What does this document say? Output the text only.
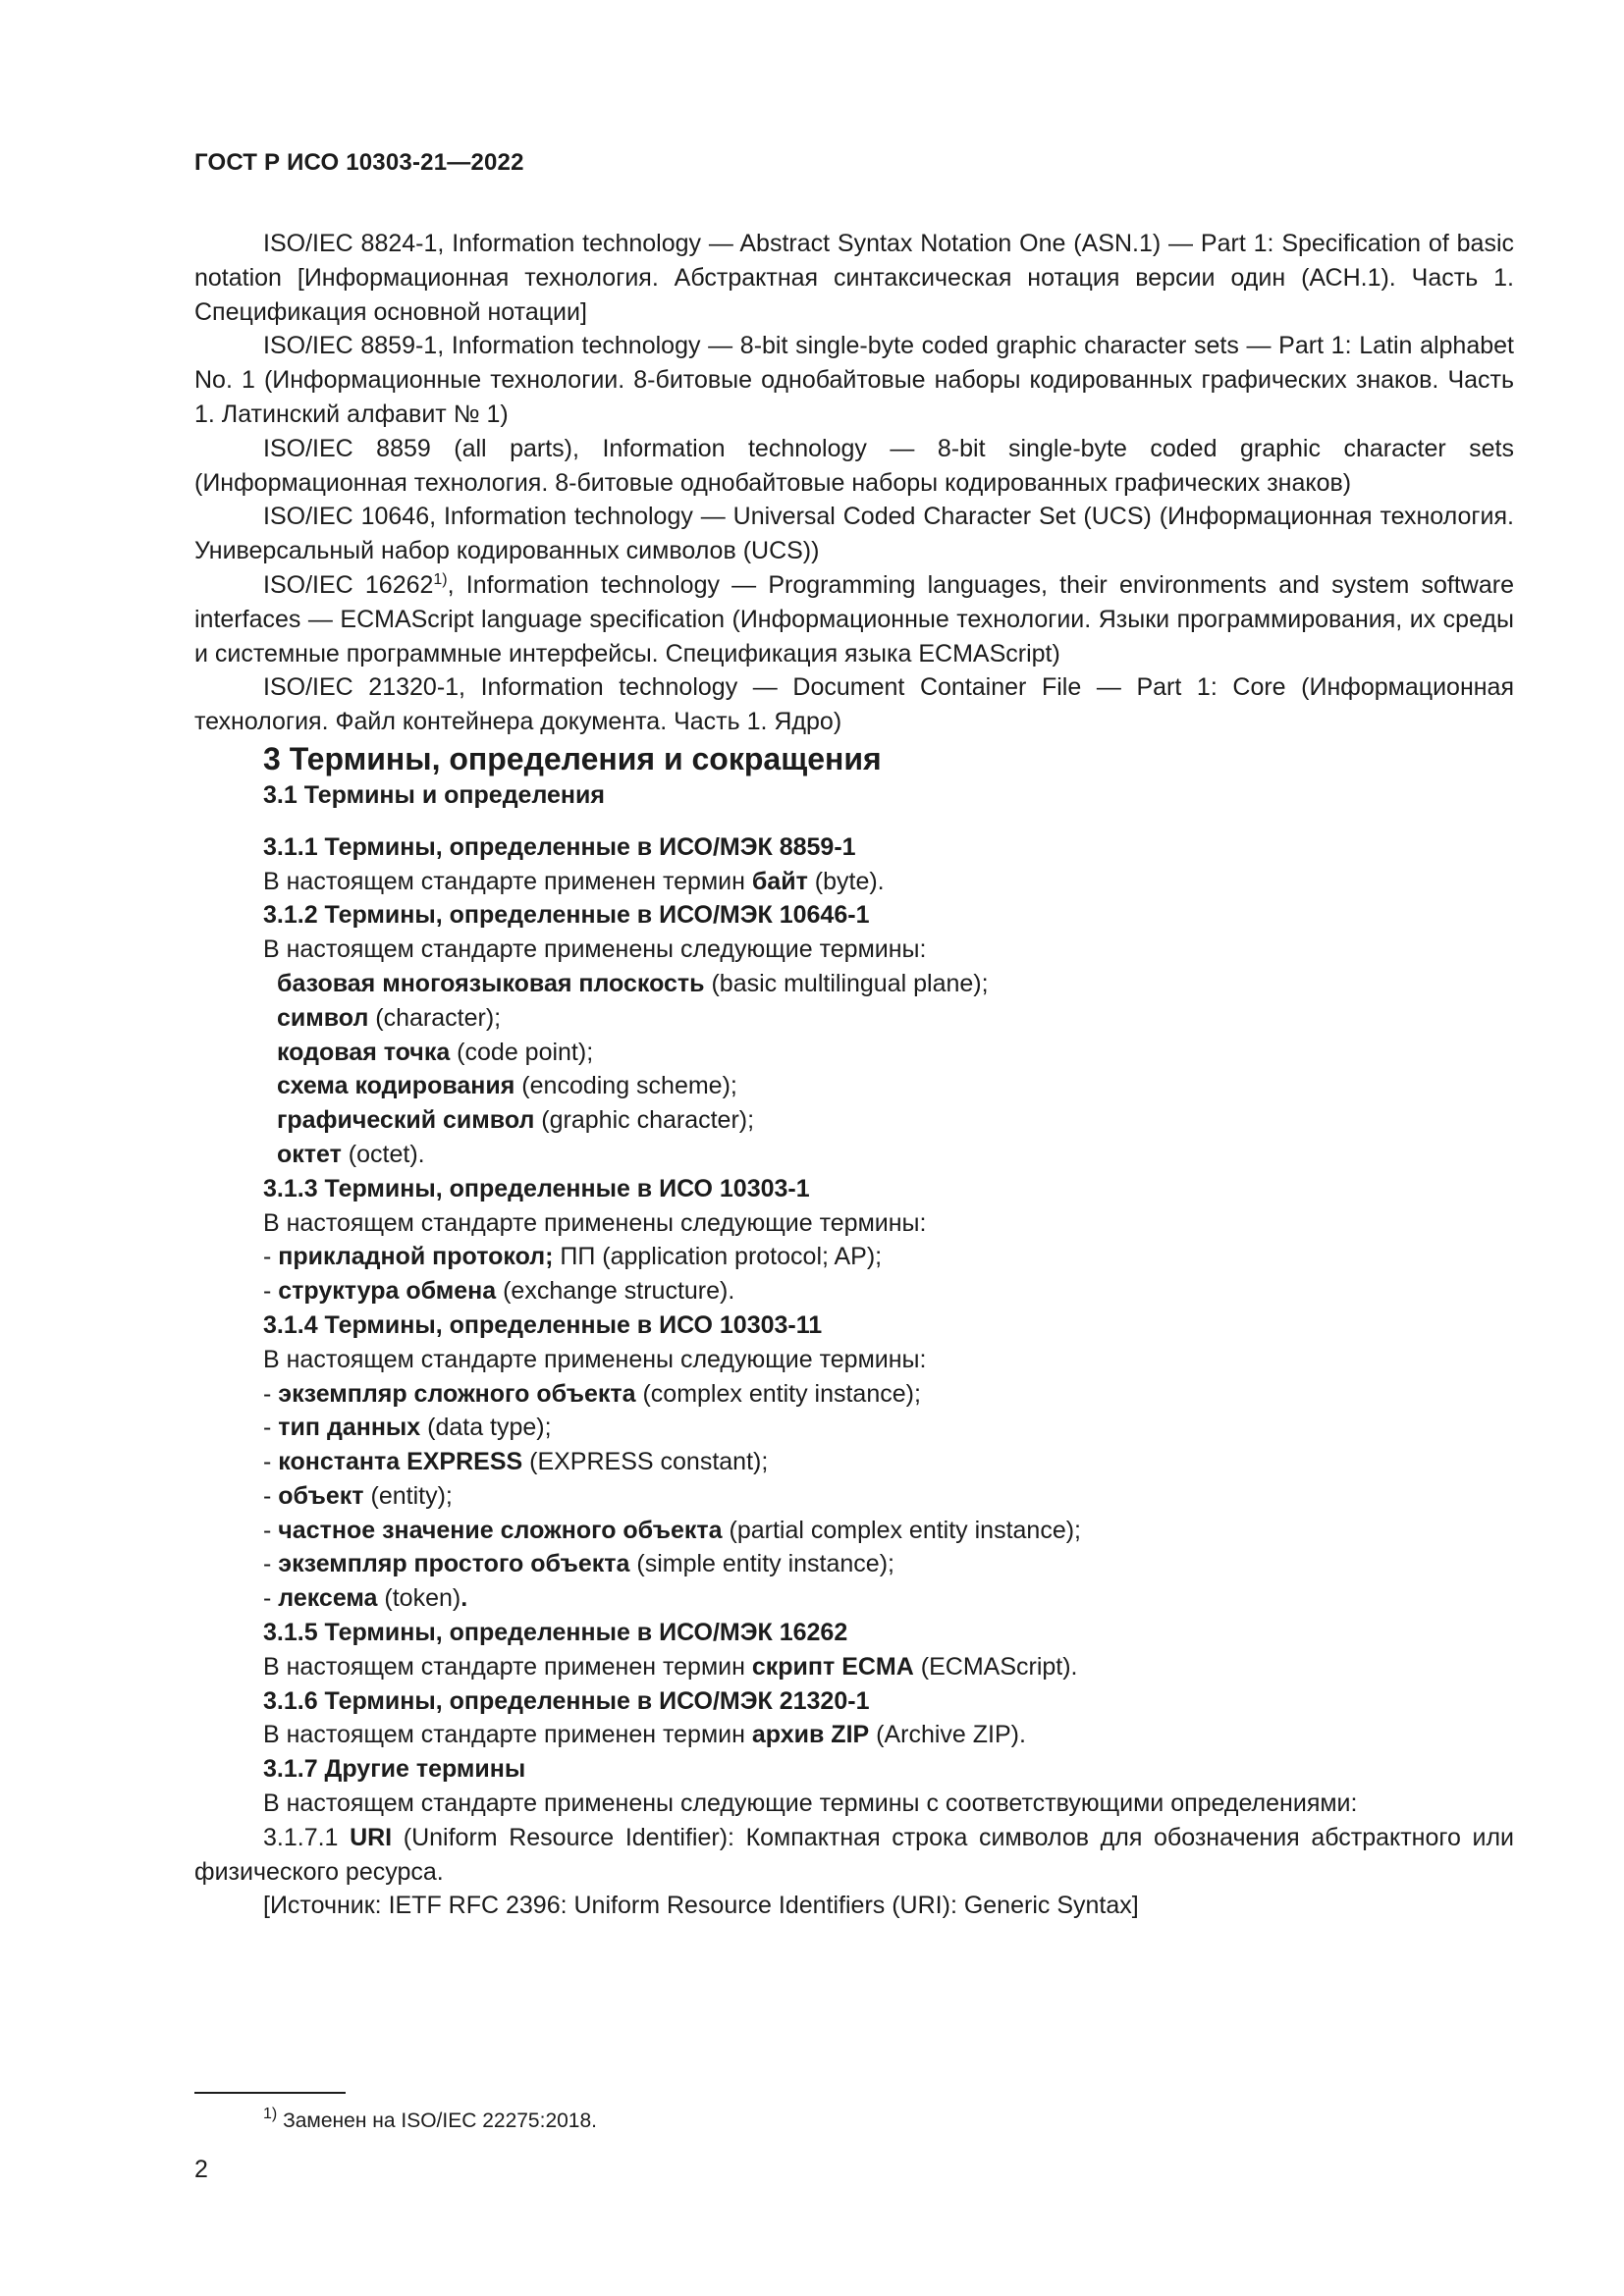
ГОСТ Р ИСО 10303-21—2022

ISO/IEC 8824-1, Information technology — Abstract Syntax Notation One (ASN.1) — Part 1: Specification of basic notation [Информационная технология. Абстрактная синтаксическая нотация версии один (АСН.1). Часть 1. Спецификация основной нотации]

ISO/IEC 8859-1, Information technology — 8-bit single-byte coded graphic character sets — Part 1: Latin alphabet No. 1 (Информационные технологии. 8-битовые однобайтовые наборы кодированных графических знаков. Часть 1. Латинский алфавит № 1)

ISO/IEC 8859 (all parts), Information technology — 8-bit single-byte coded graphic character sets (Информационная технология. 8-битовые однобайтовые наборы кодированных графических знаков)

ISO/IEC 10646, Information technology — Universal Coded Character Set (UCS) (Информационная технология. Универсальный набор кодированных символов (UCS))

ISO/IEC 16262$^{1)}$, Information technology — Programming languages, their environments and system software interfaces — ECMAScript language specification (Информационные технологии. Языки программирования, их среды и системные программные интерфейсы. Спецификация языка ECMAScript)

ISO/IEC 21320-1, Information technology — Document Container File — Part 1: Core (Информационная технология. Файл контейнера документа. Часть 1. Ядро)

3 Термины, определения и сокращения

3.1 Термины и определения

3.1.1 Термины, определенные в ИСО/МЭК 8859-1

В настоящем стандарте применен термин байт (byte).

3.1.2 Термины, определенные в ИСО/МЭК 10646-1

В настоящем стандарте применены следующие термины:

базовая многоязыковая плоскость (basic multilingual plane);

символ (character);

кодовая точка (code point);

схема кодирования (encoding scheme);

графический символ (graphic character);

октет (octet).

3.1.3 Термины, определенные в ИСО 10303-1

В настоящем стандарте применены следующие термины:

- прикладной протокол; ПП (application protocol; AP);

- структура обмена (exchange structure).

3.1.4 Термины, определенные в ИСО 10303-11

В настоящем стандарте применены следующие термины:

- экземпляр сложного объекта (complex entity instance);

- тип данных (data type);

- константа EXPRESS (EXPRESS constant);

- объект (entity);

- частное значение сложного объекта (partial complex entity instance);

- экземпляр простого объекта (simple entity instance);

- лексема (token).

3.1.5 Термины, определенные в ИСО/МЭК 16262

В настоящем стандарте применен термин скрипт ECMA (ECMAScript).

3.1.6 Термины, определенные в ИСО/МЭК 21320-1

В настоящем стандарте применен термин архив ZIP (Archive ZIP).

3.1.7 Другие термины

В настоящем стандарте применены следующие термины с соответствующими определениями:

3.1.7.1 URI (Uniform Resource Identifier): Компактная строка символов для обозначения абстрактного или физического ресурса.

[Источник: IETF RFC 2396: Uniform Resource Identifiers (URI): Generic Syntax]

$^{1)}$ Заменен на ISO/IEC 22275:2018.
2
